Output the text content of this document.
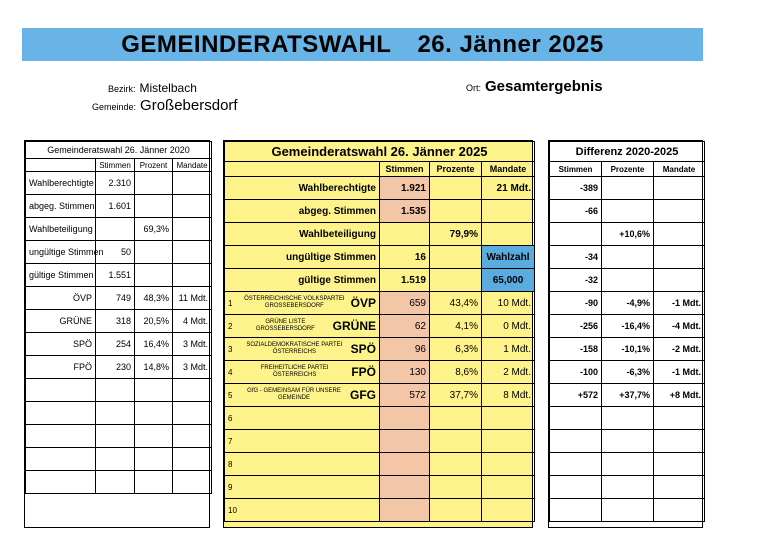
GEMEINDERATSWAHL 26. Jänner 2025
Bezirk: Mistelbach
Gemeinde: Großebersdorf
Ort: Gesamtergebnis
Gemeinderatswahl 26. Jänner 2020			
	Stimmen	Prozent	Mandate
Wahlberechtigte	2.310		
abgeg. Stimmen	1.601		
Wahlbeteiligung		69,3%	
ungültige Stimmen	50		
gültige Stimmen	1.551		
ÖVP	749	48,3%	11 Mdt.
GRÜNE	318	20,5%	4 Mdt.
SPÖ	254	16,4%	3 Mdt.
FPÖ	230	14,8%	3 Mdt.

Gemeinderatswahl 26. Jänner 2025			
	Stimmen	Prozente	Mandate
Wahlberechtigte	1.921		21 Mdt.
abgeg. Stimmen	1.535		
Wahlbeteiligung		79,9%	
ungültige Stimmen	16		Wahlzahl
gültige Stimmen	1.519		65,000

1 ÖSTERREICHISCHE VOLKSPARTEI GROSSEBERSDORF ÖVP	659	43,4%	10 Mdt.

2 GRÜNE LISTE GROSSEBERSDORF GRÜNE	62	4,1%	0 Mdt.

3 SOZIALDEMOKRATISCHE PARTEI ÖSTERREICHS SPÖ	96	6,3%	1 Mdt.

4 FREIHEITLICHE PARTEI ÖSTERREICHS FPÖ	130	8,6%	2 Mdt.

5 GfG - GEMEINSAM FÜR UNSERE GEMEINDE GFG	572	37,7%	8 Mdt.

6			

7			

8			

9			

10			

Differenz 2020-2025		
Stimmen	Prozente	Mandate
-389		
-66		
	+10,6%	
-34		
-32		
-90	-4,9%	-1 Mdt.
-256	-16,4%	-4 Mdt.
-158	-10,1%	-2 Mdt.
-100	-6,3%	-1 Mdt.
+572	+37,7%	+8 Mdt.
